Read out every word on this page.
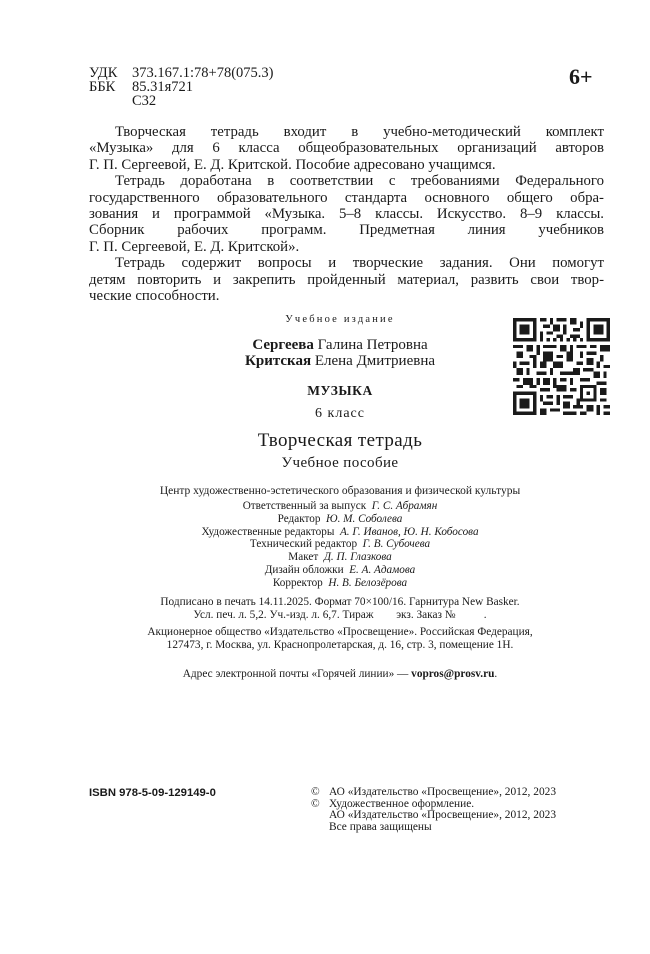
УДК	373.167.1:78+78(075.3)
ББК	85.31я721
С32
6+

Творческая тетрадь входит в учебно-методический комплект
«Музыка» для 6 класса общеобразовательных организаций авторов
Г. П. Сергеевой, Е. Д. Критской. Пособие адресовано учащимся.

Тетрадь доработана в соответствии с требованиями Федерального
государственного образовательного стандарта основного общего обра-
зования и программой «Музыка. 5–8 классы. Искусство. 8–9 классы.
Сборник рабочих программ. Предметная линия учебников
Г. П. Сергеевой, Е. Д. Критской».

Тетрадь содержит вопросы и творческие задания. Они помогут
детям повторить и закрепить пройденный материал, развить свои твор-
ческие способности.

Учебное издание
Сергеева Галина Петровна
Критская Елена Дмитриевна
МУЗЫКА
6 класс
Творческая тетрадь
Учебное пособие
Центр художественно-эстетического образования и физической культуры
Ответственный за выпуск Г. С. Абрамян
Редактор Ю. М. Соболева
Художественные редакторы А. Г. Иванов, Ю. Н. Кобосова
Технический редактор Г. В. Субочева
Макет Д. П. Глазкова
Дизайн обложки Е. А. Адамова
Корректор Н. В. Белозёрова
Подписано в печать 14.11.2025. Формат 70×100/16. Гарнитура New Basker.
Усл. печ. л. 5,2. Уч.-изд. л. 6,7. Тираж        экз. Заказ №          .
Акционерное общество «Издательство «Просвещение». Российская Федерация,
127473, г. Москва, ул. Краснопролетарская, д. 16, стр. 3, помещение 1Н.
Адрес электронной почты «Горячей линии» — vopros@prosv.ru.
ISBN 978-5-09-129149-0	© АО «Издательство «Просвещение», 2012, 2023
© Художественное оформление.
АО «Издательство «Просвещение», 2012, 2023
Все права защищены
